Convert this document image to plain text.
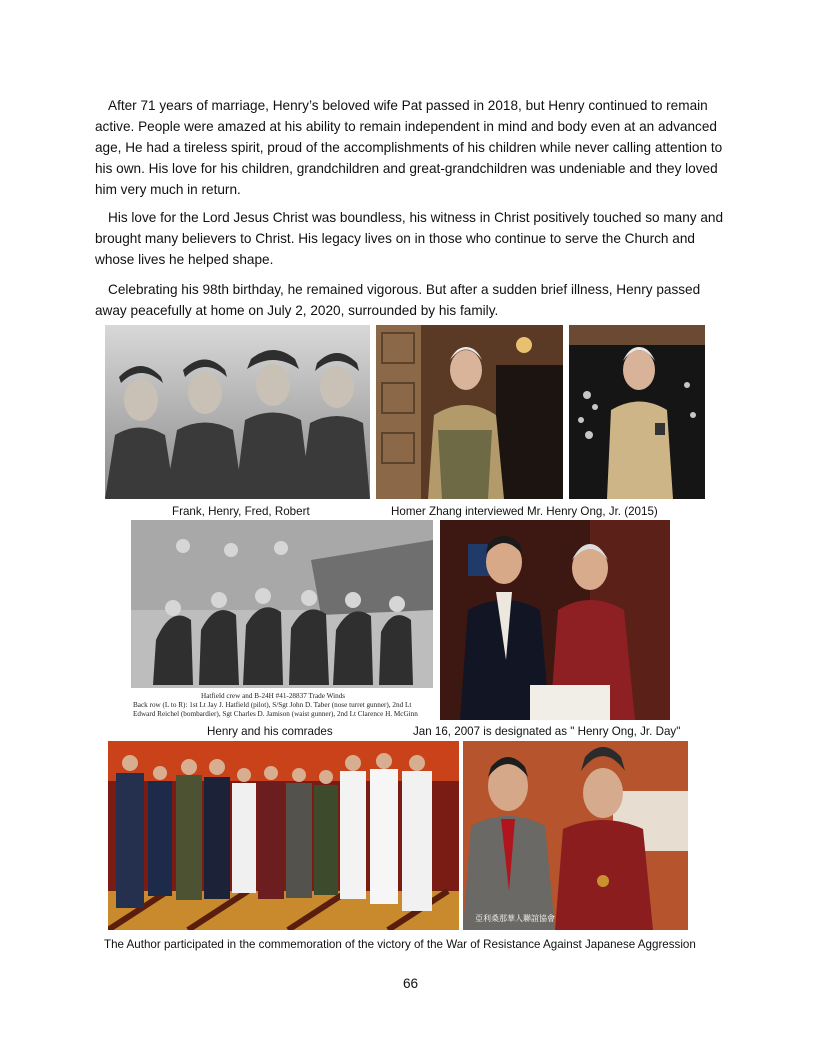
After 71 years of marriage, Henry’s beloved wife Pat passed in 2018, but Henry continued to remain active. People were amazed at his ability to remain independent in mind and body even at an advanced age, He had a tireless spirit, proud of the accomplishments of his children while never calling attention to his own. His love for his children, grandchildren and great-grandchildren was undeniable and they loved him very much in return.

His love for the Lord Jesus Christ was boundless, his witness in Christ positively touched so many and brought many believers to Christ. His legacy lives on in those who continue to serve the Church and whose lives he helped shape.

Celebrating his 98th birthday, he remained vigorous. But after a sudden brief illness, Henry passed away peacefully at home on July 2, 2020, surrounded by his family.

Frank, Henry, Fred, Robert	Homer Zhang interviewed Mr. Henry Ong, Jr. (2015)

Hatfield crew and B-24H #41-28837 Trade Winds
Back row (L to R): 1st Lt Jay J. Hatfield (pilot), S/Sgt John D. Taber (nose turret gunner), 2nd Lt
Edward Reichel (bombardier), Sgt Charles D. Jamison (waist gunner), 2nd Lt Clarence H. McGinn

Henry and his comrades	Jan 16, 2007 is designated as " Henry Ong, Jr. Day"

亞利桑那華人聯誼協會

The Author participated in the commemoration of the victory of the War of Resistance Against Japanese Aggression

66
